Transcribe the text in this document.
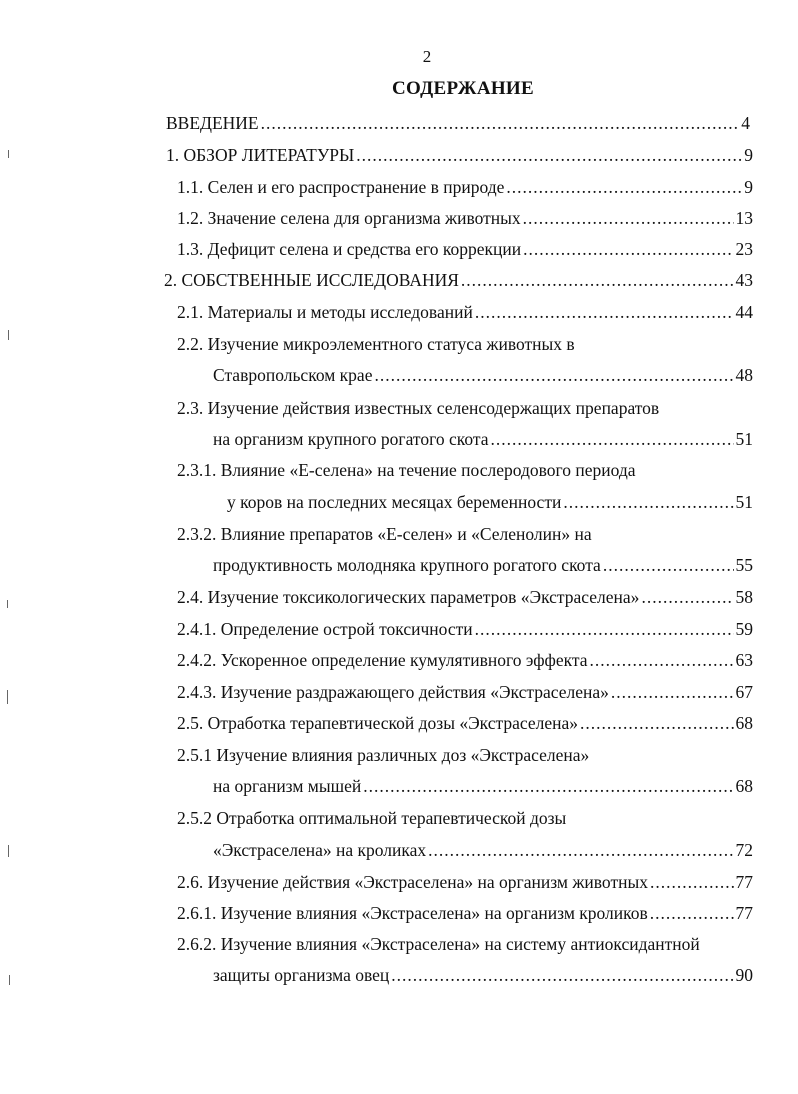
2
СОДЕРЖАНИЕ
ВВЕДЕНИЕ .....	4
1. ОБЗОР ЛИТЕРАТУРЫ .....	9
1.1. Селен и его распространение в природе .....	9
1.2. Значение селена для организма животных .....	13
1.3. Дефицит селена и средства его коррекции .....	23
2. СОБСТВЕННЫЕ ИССЛЕДОВАНИЯ .....	43
2.1. Материалы и методы исследований .....	44
2.2. Изучение микроэлементного статуса животных в
Ставропольском крае .....	48
2.3. Изучение действия известных селенсодержащих препаратов
на организм крупного рогатого скота .....	51
2.3.1. Влияние «Е-селена» на течение послеродового периода
у коров на последних месяцах беременности .....	51
2.3.2. Влияние препаратов «Е-селен» и «Селенолин» на
продуктивность молодняка крупного рогатого скота .....	55
2.4. Изучение токсикологических параметров «Экстраселена» .....	58
2.4.1. Определение острой токсичности .....	59
2.4.2. Ускоренное определение кумулятивного эффекта .....	63
2.4.3. Изучение раздражающего действия «Экстраселена» .....	67
2.5. Отработка терапевтической дозы «Экстраселена» .....	68
2.5.1 Изучение влияния различных доз «Экстраселена»
на организм мышей .....	68
2.5.2 Отработка оптимальной терапевтической дозы
«Экстраселена» на кроликах .....	72
2.6. Изучение действия «Экстраселена» на организм животных .....	77
2.6.1. Изучение влияния «Экстраселена» на организм кроликов .....	77
2.6.2. Изучение влияния «Экстраселена» на систему антиоксидантной
защиты организма овец .....	90
